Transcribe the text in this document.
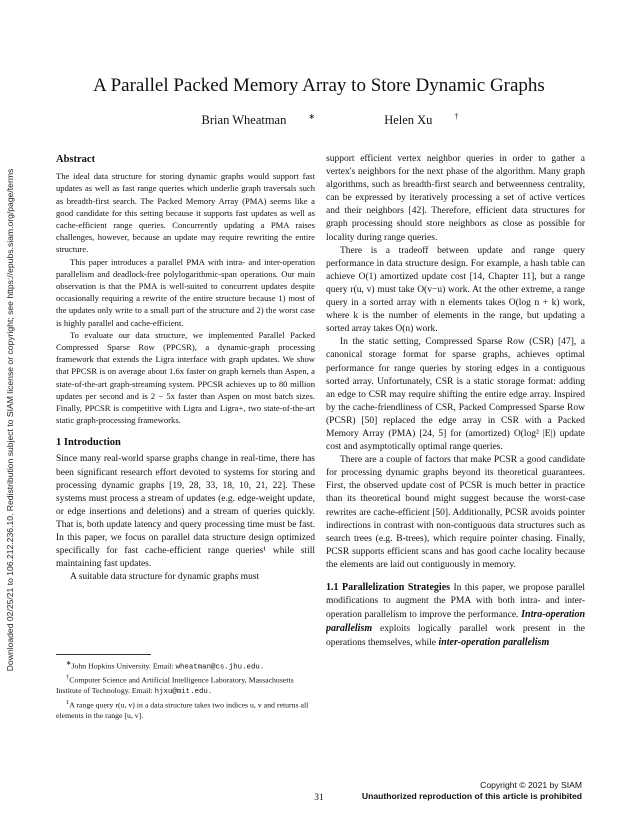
Downloaded 02/25/21 to 106.212.236.10. Redistribution subject to SIAM license or copyright; see https://epubs.siam.org/page/terms
A Parallel Packed Memory Array to Store Dynamic Graphs
Brian Wheatman	∗	Helen Xu	†

Abstract

The ideal data structure for storing dynamic graphs would support fast updates as well as fast range queries which underlie graph traversals such as breadth-first search. The Packed Memory Array (PMA) seems like a good candidate for this setting because it supports fast updates as well as cache-efficient range queries. Concurrently updating a PMA raises challenges, however, because an update may require rewriting the entire structure.

This paper introduces a parallel PMA with intra- and inter-operation parallelism and deadlock-free polylogarithmic-span operations. Our main observation is that the PMA is well-suited to concurrent updates despite occasionally requiring a rewrite of the entire structure because 1) most of the updates only write to a small part of the structure and 2) the worst case is highly parallel and cache-efficient.

To evaluate our data structure, we implemented Parallel Packed Compressed Sparse Row (PPCSR), a dynamic-graph processing framework that extends the Ligra interface with graph updates. We show that PPCSR is on average about 1.6x faster on graph kernels than Aspen, a state-of-the-art graph-streaming system. PPCSR achieves up to 80 million updates per second and is 2 − 5x faster than Aspen on most batch sizes. Finally, PPCSR is competitive with Ligra and Ligra+, two state-of-the-art static graph-processing frameworks.

1 Introduction

Since many real-world sparse graphs change in real-time, there has been significant research effort devoted to systems for storing and processing dynamic graphs [19, 28, 33, 18, 10, 21, 22]. These systems must process a stream of updates (e.g. edge-weight update, or edge insertions and deletions) and a stream of queries quickly. That is, both update latency and query processing time must be fast. In this paper, we focus on parallel data structure design optimized specifically for fast cache-efficient range queries¹ while still maintaining fast updates.

A suitable data structure for dynamic graphs must

∗John Hopkins University. Email: wheatman@cs.jhu.edu.

†Computer Science and Artificial Intelligence Laboratory, Massachusetts Institute of Technology. Email: hjxu@mit.edu.

$^1$A range query r(u, v) in a data structure takes two indices u, v and returns all elements in the range [u, v].

support efficient vertex neighbor queries in order to gather a vertex's neighbors for the next phase of the algorithm. Many graph algorithms, such as breadth-first search and betweenness centrality, can be expressed by iteratively processing a set of active vertices and their neighbors [42]. Therefore, efficient data structures for graph processing should store neighbors as close as possible for locality during range queries.

There is a tradeoff between update and range query performance in data structure design. For example, a hash table can achieve O(1) amortized update cost [14, Chapter 11], but a range query r(u, v) must take O(v−u) work. At the other extreme, a range query in a sorted array with n elements takes O(log n + k) work, where k is the number of elements in the range, but updating a sorted array takes O(n) work.

In the static setting, Compressed Sparse Row (CSR) [47], a canonical storage format for sparse graphs, achieves optimal performance for range queries by storing edges in a contiguous sorted array. Unfortunately, CSR is a static storage format: adding an edge to CSR may require shifting the entire edge array. Inspired by the cache-friendliness of CSR, Packed Compressed Sparse Row (PCSR) [50] replaced the edge array in CSR with a Packed Memory Array (PMA) [24, 5] for (amortized) O(log² |E|) update cost and asymptotically optimal range queries.

There are a couple of factors that make PCSR a good candidate for processing dynamic graphs beyond its theoretical guarantees. First, the observed update cost of PCSR is much better in practice than its theoretical bound might suggest because the worst-case rewrites are cache-efficient [50]. Additionally, PCSR avoids pointer indirections in contrast with non-contiguous data structures such as search trees (e.g. B-trees), which require pointer chasing. Finally, PCSR supports efficient scans and has good cache locality because the elements are laid out contiguously in memory.

1.1 Parallelization Strategies In this paper, we propose parallel modifications to augment the PMA with both intra- and inter-operation parallelism to improve the performance. Intra-operation parallelism exploits logically parallel work present in the operations themselves, while inter-operation parallelism

31
Copyright © 2021 by SIAM
Unauthorized reproduction of this article is prohibited
